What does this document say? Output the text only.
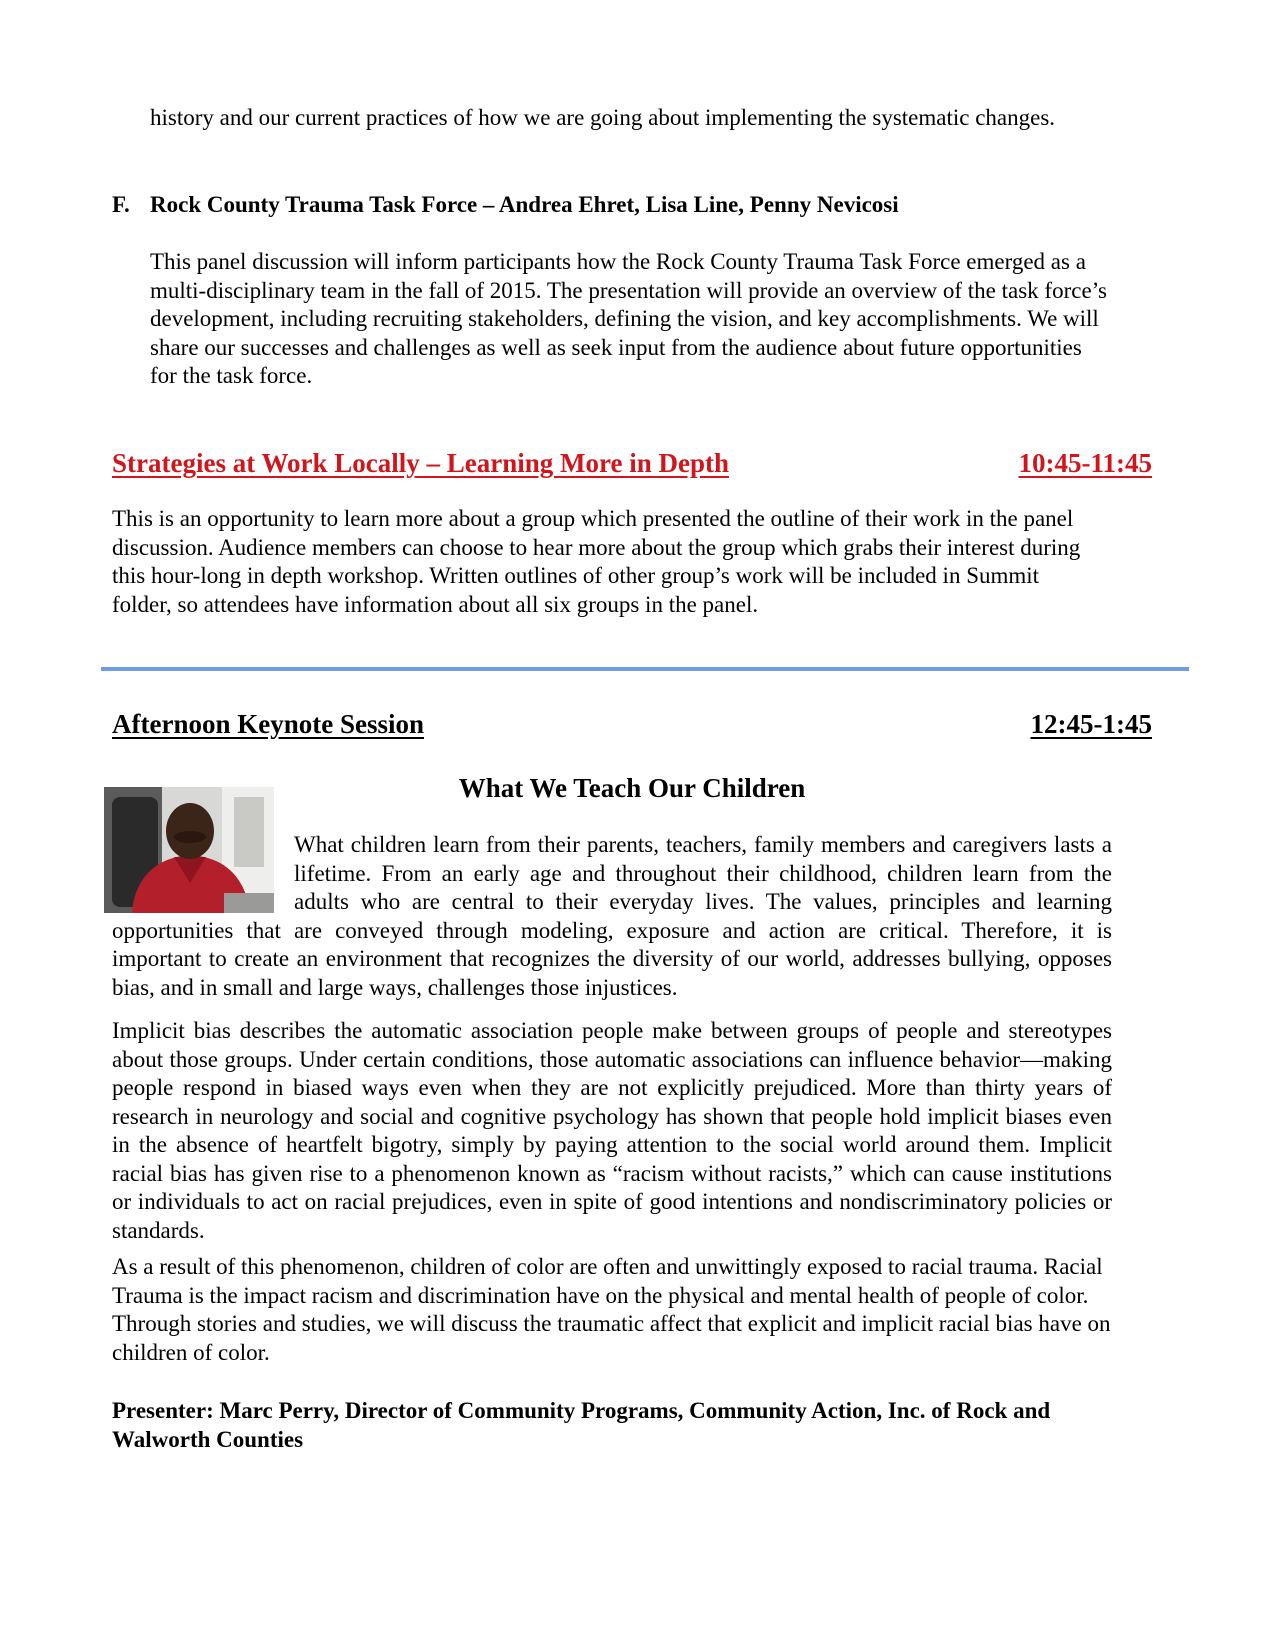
history and our current practices of how we are going about implementing the systematic changes.

F. Rock County Trauma Task Force – Andrea Ehret, Lisa Line, Penny Nevicosi

This panel discussion will inform participants how the Rock County Trauma Task Force emerged as a multi-disciplinary team in the fall of 2015. The presentation will provide an overview of the task force’s development, including recruiting stakeholders, defining the vision, and key accomplishments. We will share our successes and challenges as well as seek input from the audience about future opportunities for the task force.

Strategies at Work Locally – Learning More in Depth	10:45-11:45

This is an opportunity to learn more about a group which presented the outline of their work in the panel discussion. Audience members can choose to hear more about the group which grabs their interest during this hour-long in depth workshop. Written outlines of other group’s work will be included in Summit folder, so attendees have information about all six groups in the panel.

Afternoon Keynote Session	12:45-1:45
What We Teach Our Children
What children learn from their parents, teachers, family members and caregivers lasts a lifetime. From an early age and throughout their childhood, children learn from the adults who are central to their everyday lives. The values, principles and learning opportunities that are conveyed through modeling, exposure and action are critical. Therefore, it is important to create an environment that recognizes the diversity of our world, addresses bullying, opposes bias, and in small and large ways, challenges those injustices.

Implicit bias describes the automatic association people make between groups of people and stereotypes about those groups. Under certain conditions, those automatic associations can influence behavior—making people respond in biased ways even when they are not explicitly prejudiced. More than thirty years of research in neurology and social and cognitive psychology has shown that people hold implicit biases even in the absence of heartfelt bigotry, simply by paying attention to the social world around them. Implicit racial bias has given rise to a phenomenon known as “racism without racists,” which can cause institutions or individuals to act on racial prejudices, even in spite of good intentions and nondiscriminatory policies or standards.

As a result of this phenomenon, children of color are often and unwittingly exposed to racial trauma. Racial Trauma is the impact racism and discrimination have on the physical and mental health of people of color. Through stories and studies, we will discuss the traumatic affect that explicit and implicit racial bias have on children of color.

Presenter: Marc Perry, Director of Community Programs, Community Action, Inc. of Rock and Walworth Counties
